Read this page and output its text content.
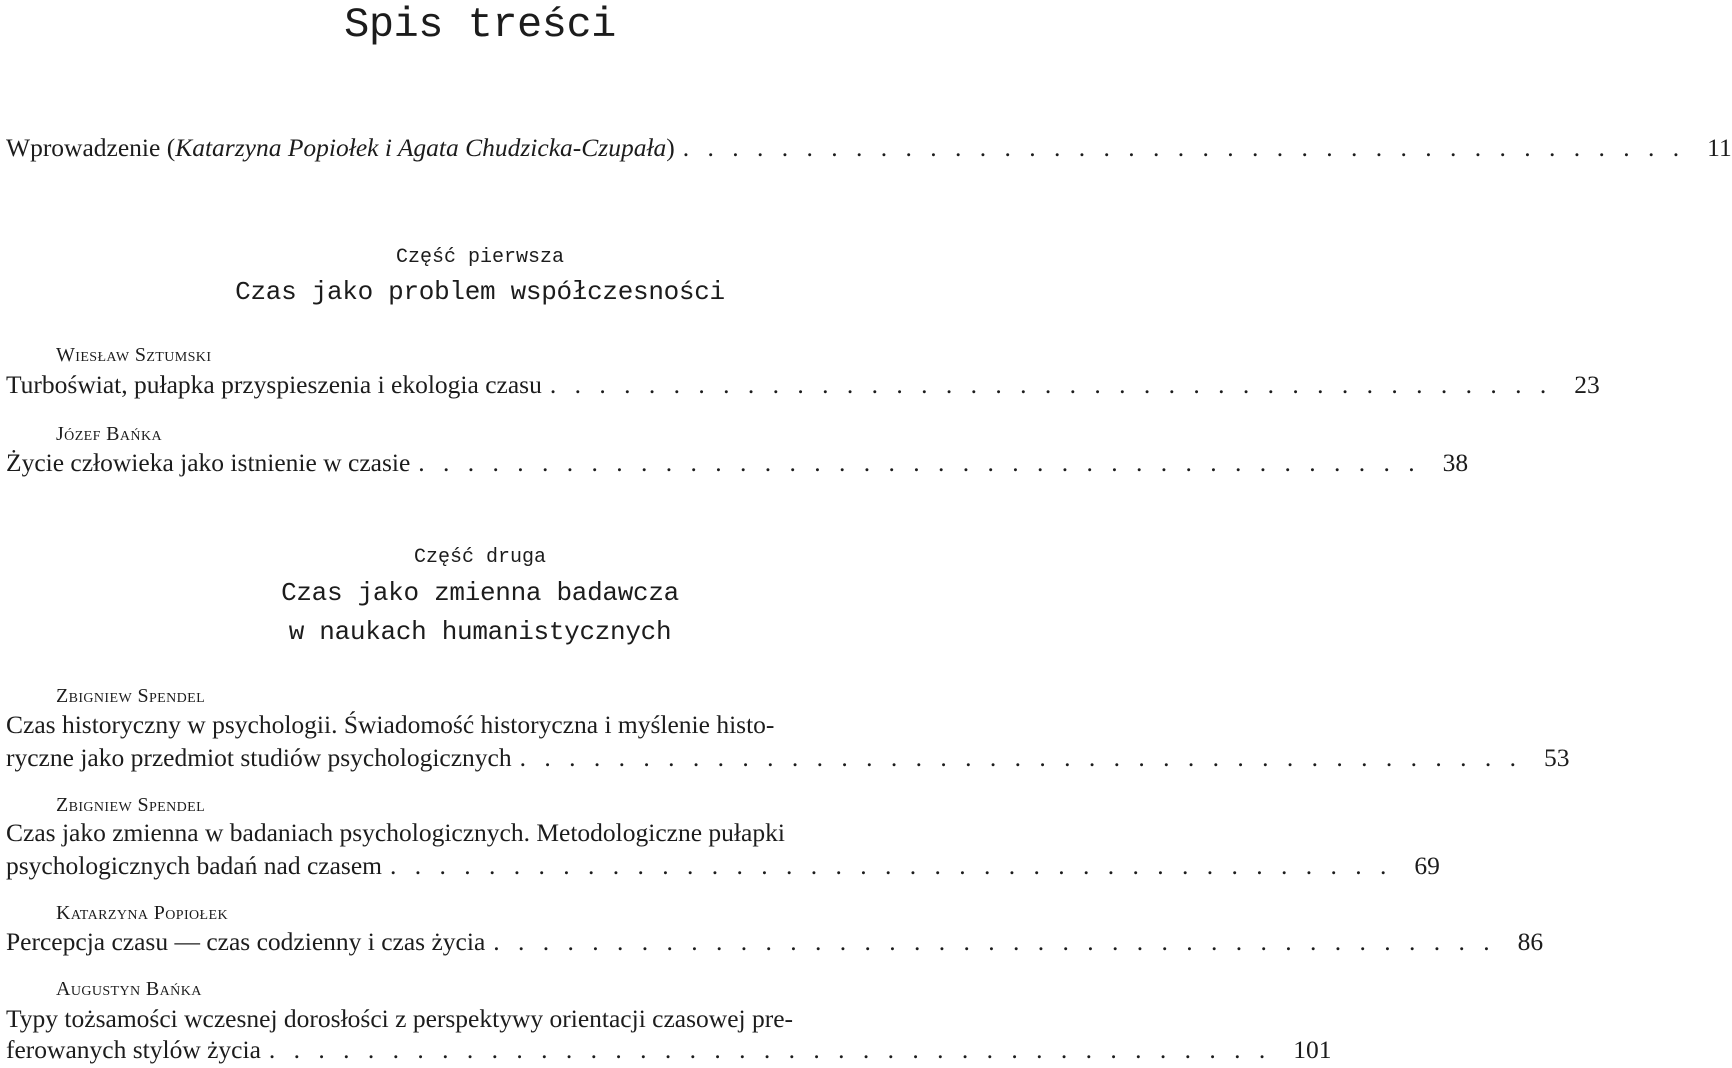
Spis treści
Wprowadzenie (Katarzyna Popiołek i Agata Chudzicka-Czupała) . . . . . . . . . . . . . . . . . . . . . . . . . . . . . . . . . . . . . . . . . 11
Część pierwsza
Czas jako problem współczesności
Wiesław Sztumski
Turboświat, pułapka przyspieszenia i ekologia czasu . . . . . . . . . . . . . . . . . . . . . . . . . . . . . . . . . . . . . . . . . 23
Józef Bańka
Życie człowieka jako istnienie w czasie . . . . . . . . . . . . . . . . . . . . . . . . . . . . . . . . . . . . . . . . . 38
Część druga
Czas jako zmienna badawcza
w naukach humanistycznych
Zbigniew Spendel
Czas historyczny w psychologii. Świadomość historyczna i myślenie histo-
ryczne jako przedmiot studiów psychologicznych . . . . . . . . . . . . . . . . . . . . . . . . . . . . . . . . . . . . . . . . . 53
Zbigniew Spendel
Czas jako zmienna w badaniach psychologicznych. Metodologiczne pułapki
psychologicznych badań nad czasem . . . . . . . . . . . . . . . . . . . . . . . . . . . . . . . . . . . . . . . . . 69
Katarzyna Popiołek
Percepcja czasu — czas codzienny i czas życia . . . . . . . . . . . . . . . . . . . . . . . . . . . . . . . . . . . . . . . . . 86
Augustyn Bańka
Typy tożsamości wczesnej dorosłości z perspektywy orientacji czasowej pre-
ferowanych stylów życia . . . . . . . . . . . . . . . . . . . . . . . . . . . . . . . . . . . . . . . . . 101
